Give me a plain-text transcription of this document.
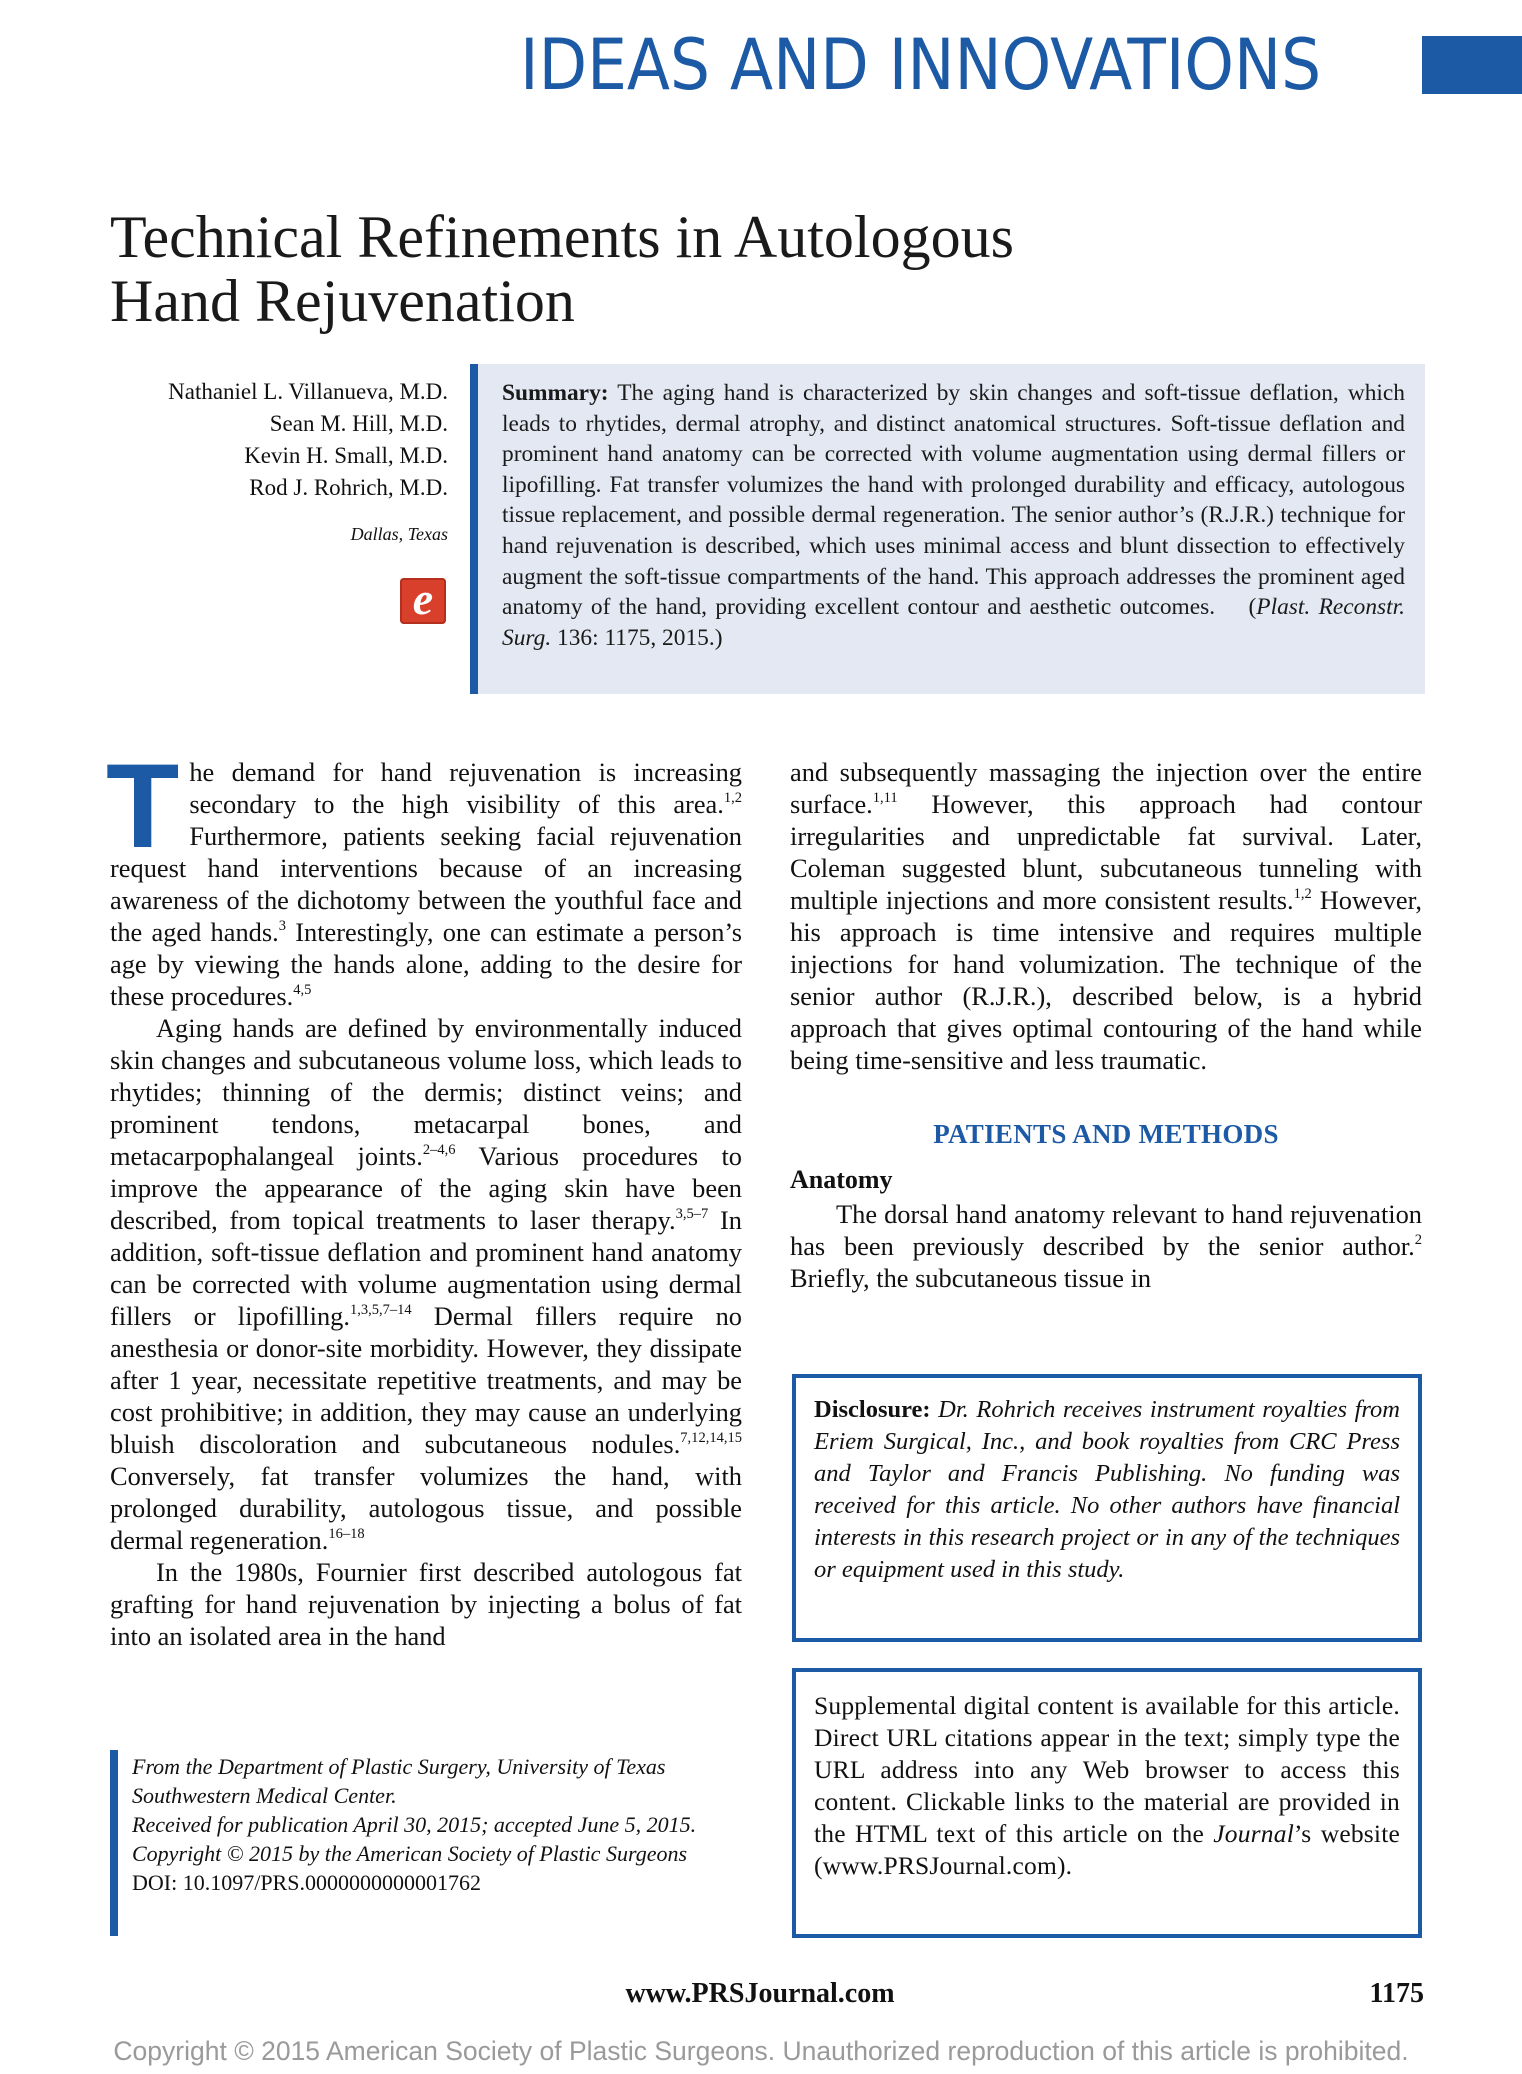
IDEAS AND INNOVATIONS
Technical Refinements in Autologous
Hand Rejuvenation
Nathaniel L. Villanueva, M.D.
Sean M. Hill, M.D.
Kevin H. Small, M.D.
Rod J. Rohrich, M.D.
Dallas, Texas
e
Summary: The aging hand is characterized by skin changes and soft-tissue deflation, which leads to rhytides, dermal atrophy, and distinct anatomical structures. Soft-tissue deflation and prominent hand anatomy can be corrected with volume augmentation using dermal fillers or lipofilling. Fat transfer volumizes the hand with prolonged durability and efficacy, autologous tissue replacement, and possible dermal regeneration. The senior author’s (R.J.R.) technique for hand rejuvenation is described, which uses minimal access and blunt dissection to effectively augment the soft-tissue compartments of the hand. This approach addresses the prominent aged anatomy of the hand, providing excellent contour and aesthetic outcomes. (Plast. Reconstr. Surg. 136: 1175, 2015.)

The demand for hand rejuvenation is increasing secondary to the high visibility of this area.$^{1,2}$ Furthermore, patients seeking facial rejuvenation request hand interventions because of an increasing awareness of the dichotomy between the youthful face and the aged hands.$^3$ Interestingly, one can estimate a person’s age by viewing the hands alone, adding to the desire for these procedures.$^{4,5}$

Aging hands are defined by environmentally induced skin changes and subcutaneous volume loss, which leads to rhytides; thinning of the dermis; distinct veins; and prominent tendons, metacarpal bones, and metacarpophalangeal joints.$^{2-4,6}$ Various procedures to improve the appearance of the aging skin have been described, from topical treatments to laser therapy.$^{3,5-7}$ In addition, soft-tissue deflation and prominent hand anatomy can be corrected with volume augmentation using dermal fillers or lipofilling.$^{1,3,5,7-14}$ Dermal fillers require no anesthesia or donor-site morbidity. However, they dissipate after 1 year, necessitate repetitive treatments, and may be cost prohibitive; in addition, they may cause an underlying bluish discoloration and subcutaneous nodules.$^{7,12,14,15}$ Conversely, fat transfer volumizes the hand, with prolonged durability, autologous tissue, and possible dermal regeneration.$^{16-18}$

In the 1980s, Fournier first described autologous fat grafting for hand rejuvenation by injecting a bolus of fat into an isolated area in the hand

and subsequently massaging the injection over the entire surface.$^{1,11}$ However, this approach had contour irregularities and unpredictable fat survival. Later, Coleman suggested blunt, subcutaneous tunneling with multiple injections and more consistent results.$^{1,2}$ However, his approach is time intensive and requires multiple injections for hand volumization. The technique of the senior author (R.J.R.), described below, is a hybrid approach that gives optimal contouring of the hand while being time-sensitive and less traumatic.

PATIENTS AND METHODS
Anatomy

The dorsal hand anatomy relevant to hand rejuvenation has been previously described by the senior author.$^2$ Briefly, the subcutaneous tissue in

Disclosure: Dr. Rohrich receives instrument royalties from Eriem Surgical, Inc., and book royalties from CRC Press and Taylor and Francis Publishing. No funding was received for this article. No other authors have financial interests in this research project or in any of the techniques or equipment used in this study.
Supplemental digital content is available for this article. Direct URL citations appear in the text; simply type the URL address into any Web browser to access this content. Clickable links to the material are provided in the HTML text of this article on the Journal’s website (www.PRSJournal.com).
From the Department of Plastic Surgery, University of Texas Southwestern Medical Center.
Received for publication April 30, 2015; accepted June 5, 2015.
Copyright © 2015 by the American Society of Plastic Surgeons
DOI: 10.1097/PRS.0000000000001762
www.PRSJournal.com	1175
Copyright © 2015 American Society of Plastic Surgeons. Unauthorized reproduction of this article is prohibited.
